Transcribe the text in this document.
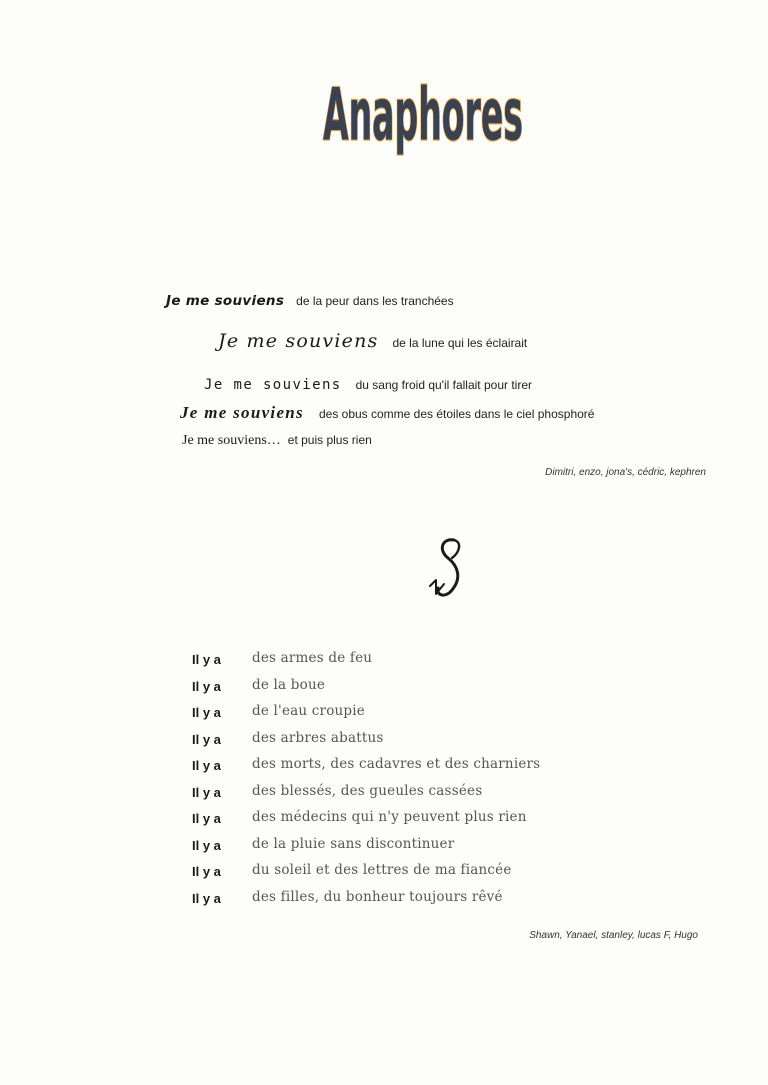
Anaphores
Je me souviens de la peur dans les tranchées
Je me souviens de la lune qui les éclairait
Je me souviens du sang froid qu'il fallait pour tirer
Je me souviens des obus comme des étoiles dans le ciel phosphoré
Je me souviens… et puis plus rien
Dimitri, enzo, jona's, cédric, kephren
Il y a des armes de feu
Il y a de la boue
Il y a de l'eau croupie
Il y a des arbres abattus
Il y a des morts, des cadavres et des charniers
Il y a des blessés, des gueules cassées
Il y a des médecins qui n'y peuvent plus rien
Il y a de la pluie sans discontinuer
Il y a du soleil et des lettres de ma fiancée
Il y a des filles, du bonheur toujours rêvé
Shawn, Yanael, stanley, lucas F, Hugo
